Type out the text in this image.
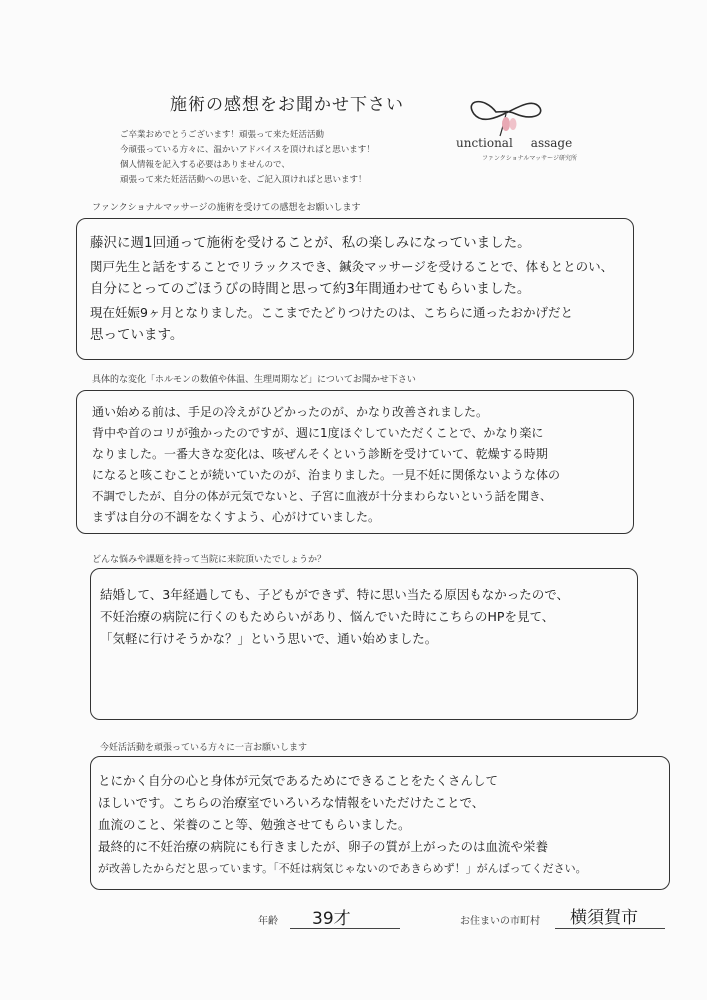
施術の感想をお聞かせ下さい
ご卒業おめでとうございます！頑張って来た妊活活動
今頑張っている方々に、温かいアドバイスを頂ければと思います！
個人情報を記入する必要はありませんので、
頑張って来た妊活活動への思いを、ご記入頂ければと思います！
unctional assage
ファンクショナルマッサージ研究所
ファンクショナルマッサージの施術を受けての感想をお願いします
藤沢に週1回通って施術を受けることが、私の楽しみになっていました。
関戸先生と話をすることでリラックスでき、鍼灸マッサージを受けることで、体もととのい、
自分にとってのごほうびの時間と思って約3年間通わせてもらいました。
現在妊娠9ヶ月となりました。ここまでたどりつけたのは、こちらに通ったおかげだと
思っています。
具体的な変化「ホルモンの数値や体温、生理周期など」についてお聞かせ下さい
通い始める前は、手足の冷えがひどかったのが、かなり改善されました。
背中や首のコリが強かったのですが、週に1度ほぐしていただくことで、かなり楽に
なりました。一番大きな変化は、咳ぜんそくという診断を受けていて、乾燥する時期
になると咳こむことが続いていたのが、治まりました。一見不妊に関係ないような体の
不調でしたが、自分の体が元気でないと、子宮に血液が十分まわらないという話を聞き、
まずは自分の不調をなくすよう、心がけていました。
どんな悩みや課題を持って当院に来院頂いたでしょうか？
結婚して、3年経過しても、子どもができず、特に思い当たる原因もなかったので、
不妊治療の病院に行くのもためらいがあり、悩んでいた時にこちらのHPを見て、
「気軽に行けそうかな？」という思いで、通い始めました。
今妊活活動を頑張っている方々に一言お願いします
とにかく自分の心と身体が元気であるためにできることをたくさんして
ほしいです。こちらの治療室でいろいろな情報をいただけたことで、
血流のこと、栄養のこと等、勉強させてもらいました。
最終的に不妊治療の病院にも行きましたが、卵子の質が上がったのは血流や栄養
が改善したからだと思っています。「不妊は病気じゃないのであきらめず！」がんばってください。
年齢 39才	お住まいの市町村 横須賀市
